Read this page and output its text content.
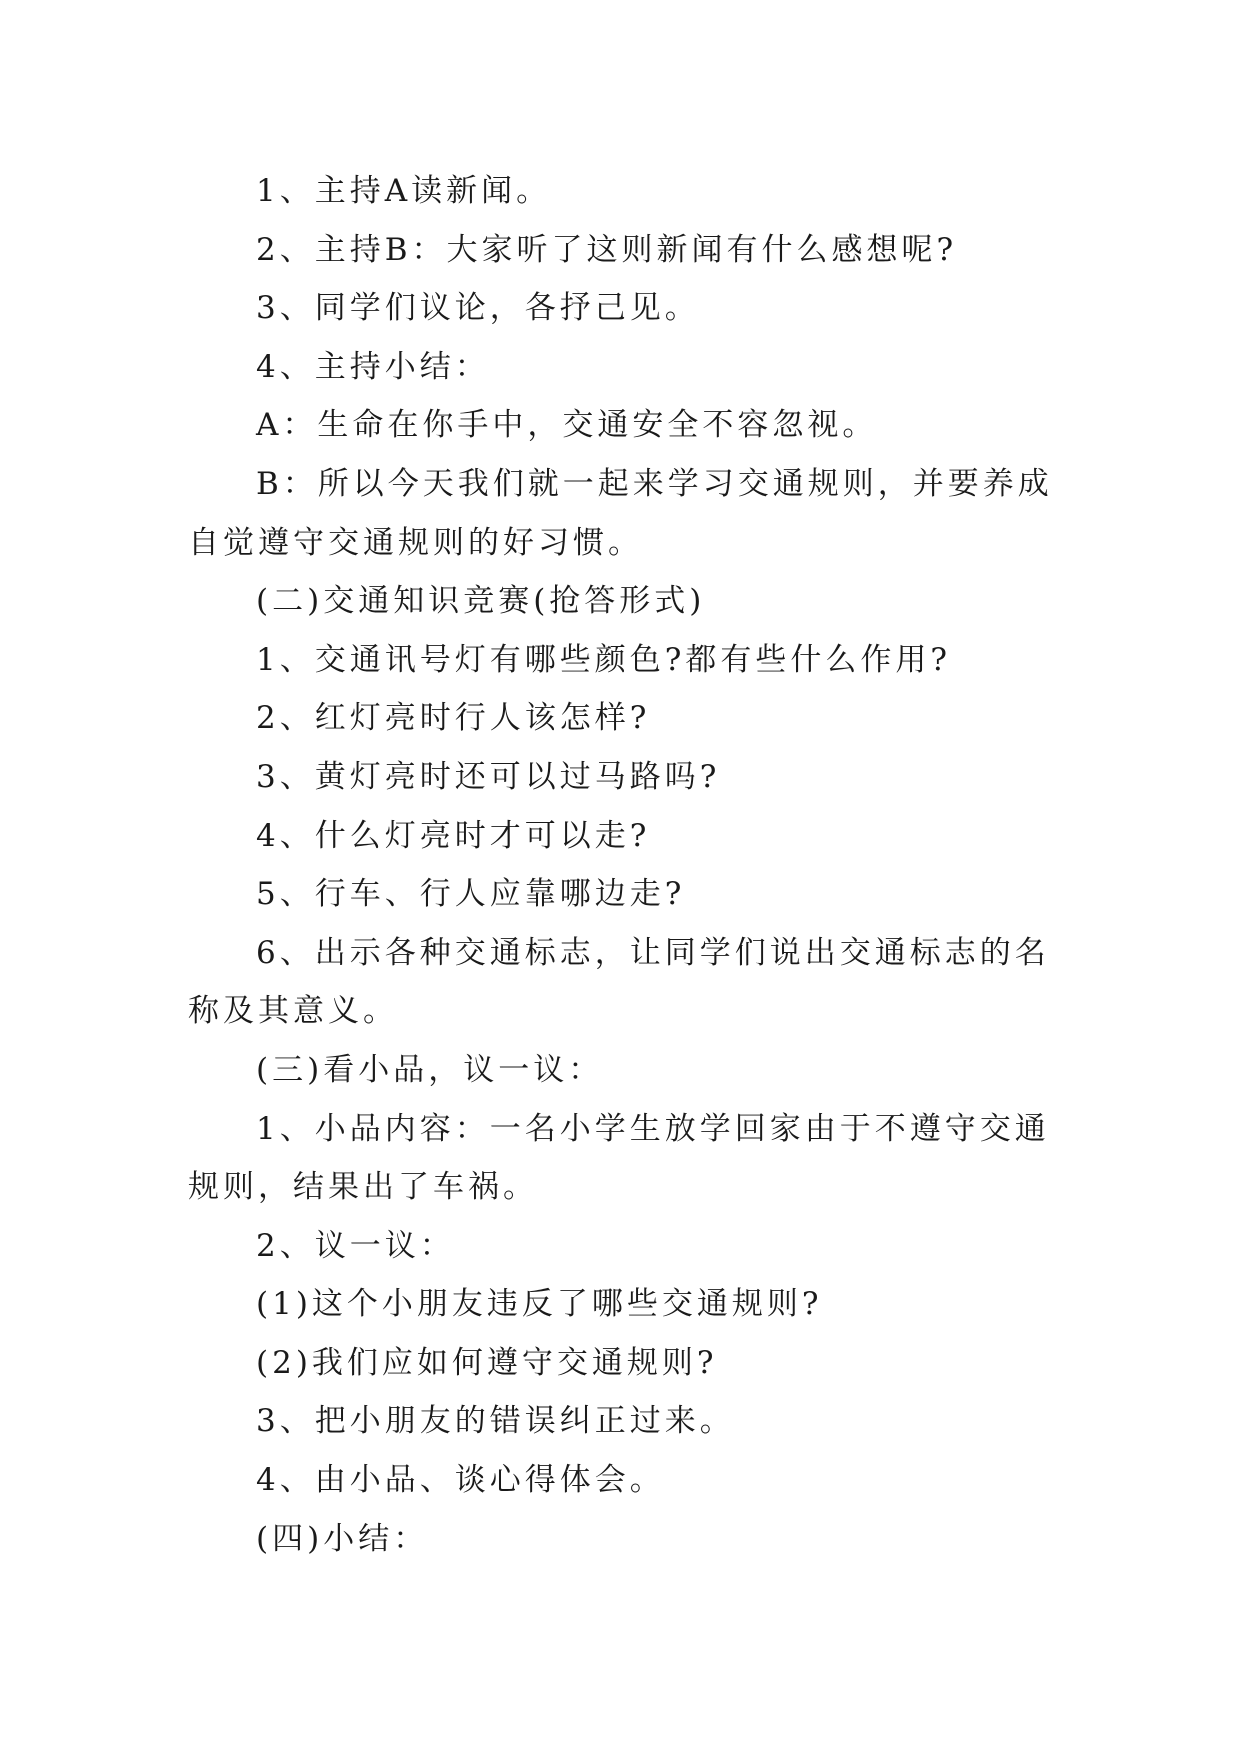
1、主持A读新闻。

2、主持B：大家听了这则新闻有什么感想呢?

3、同学们议论，各抒己见。

4、主持小结：

A：生命在你手中，交通安全不容忽视。

B：所以今天我们就一起来学习交通规则，并要养成自觉遵守交通规则的好习惯。

(二)交通知识竞赛(抢答形式)

1、交通讯号灯有哪些颜色?都有些什么作用?

2、红灯亮时行人该怎样?

3、黄灯亮时还可以过马路吗?

4、什么灯亮时才可以走?

5、行车、行人应靠哪边走?

6、出示各种交通标志，让同学们说出交通标志的名称及其意义。

(三)看小品，议一议：

1、小品内容：一名小学生放学回家由于不遵守交通规则，结果出了车祸。

2、议一议：

(1)这个小朋友违反了哪些交通规则?

(2)我们应如何遵守交通规则?

3、把小朋友的错误纠正过来。

4、由小品、谈心得体会。

(四)小结：
